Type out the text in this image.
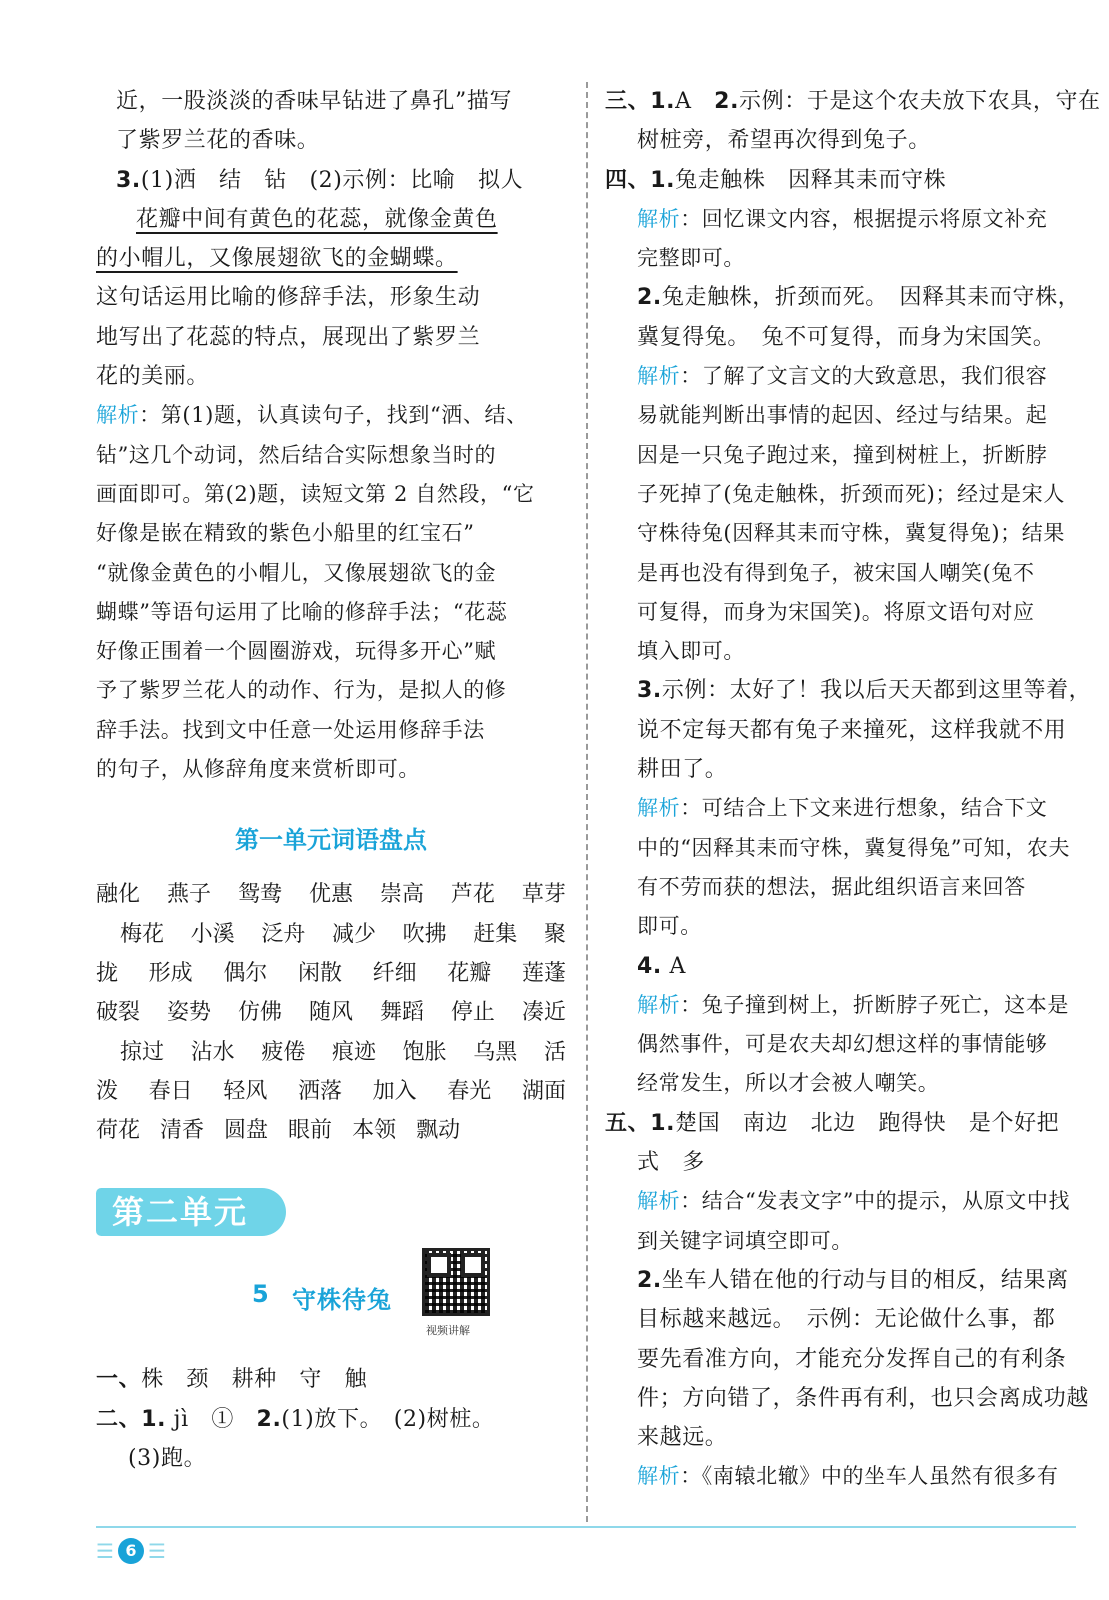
近，一股淡淡的香味早钻进了鼻孔”描写
了紫罗兰花的香味。
3.(1)洒　结　钻　(2)示例：比喻　拟人
花瓣中间有黄色的花蕊，就像金黄色
的小帽儿，又像展翅欲飞的金蝴蝶。
这句话运用比喻的修辞手法，形象生动
地写出了花蕊的特点，展现出了紫罗兰
花的美丽。
解析：第(1)题，认真读句子，找到“洒、结、
钻”这几个动词，然后结合实际想象当时的
画面即可。第(2)题，读短文第 2 自然段，“它
好像是嵌在精致的紫色小船里的红宝石”
“就像金黄色的小帽儿，又像展翅欲飞的金
蝴蝶”等语句运用了比喻的修辞手法；“花蕊
好像正围着一个圆圈游戏，玩得多开心”赋
予了紫罗兰花人的动作、行为，是拟人的修
辞手法。找到文中任意一处运用修辞手法
的句子，从修辞角度来赏析即可。
第一单元词语盘点
融化 燕子 鸳鸯 优惠 崇高 芦花 草芽
梅花 小溪 泛舟 减少 吹拂 赶集 聚
拢 形成 偶尔 闲散 纤细 花瓣 莲蓬
破裂 姿势 仿佛 随风 舞蹈 停止 凑近
掠过 沾水 疲倦 痕迹 饱胀 乌黑 活
泼 春日 轻风 洒落 加入 春光 湖面
荷花 清香 圆盘 眼前 本领 飘动
第二单元
5 守株待兔
视频讲解
一、株　颈　耕种　守　触
二、1. jì　①　2.(1)放下。　(2)树桩。
(3)跑。
三、1.A　2.示例：于是这个农夫放下农具，守在
树桩旁，希望再次得到兔子。
四、1.兔走触株　因释其耒而守株
解析：回忆课文内容，根据提示将原文补充
完整即可。
2.兔走触株，折颈而死。　因释其耒而守株，
冀复得兔。　兔不可复得，而身为宋国笑。
解析：了解了文言文的大致意思，我们很容
易就能判断出事情的起因、经过与结果。起
因是一只兔子跑过来，撞到树桩上，折断脖
子死掉了(兔走触株，折颈而死)；经过是宋人
守株待兔(因释其耒而守株，冀复得兔)；结果
是再也没有得到兔子，被宋国人嘲笑(兔不
可复得，而身为宋国笑)。将原文语句对应
填入即可。
3.示例：太好了！我以后天天都到这里等着，
说不定每天都有兔子来撞死，这样我就不用
耕田了。
解析：可结合上下文来进行想象，结合下文
中的“因释其耒而守株，冀复得兔”可知，农夫
有不劳而获的想法，据此组织语言来回答
即可。
4. A
解析：兔子撞到树上，折断脖子死亡，这本是
偶然事件，可是农夫却幻想这样的事情能够
经常发生，所以才会被人嘲笑。
五、1.楚国　南边　北边　跑得快　是个好把
式　多
解析：结合“发表文字”中的提示，从原文中找
到关键字词填空即可。
2.坐车人错在他的行动与目的相反，结果离
目标越来越远。　示例：无论做什么事，都
要先看准方向，才能充分发挥自己的有利条
件；方向错了，条件再有利，也只会离成功越
来越远。
解析：《南辕北辙》中的坐车人虽然有很多有
☰ 6 ☰
